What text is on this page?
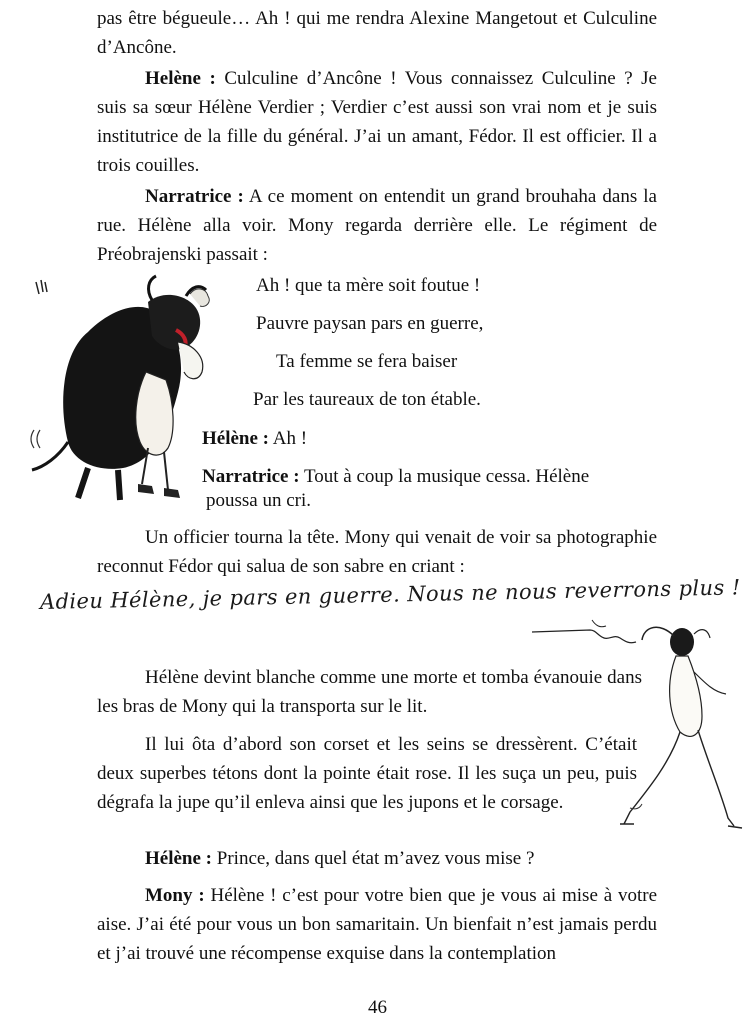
pas être bégueule… Ah ! qui me rendra Alexine Mangetout et Culculine d’Ancône.

Helène : Culculine d’Ancône ! Vous connaissez Culculine ? Je suis sa sœur Hélène Verdier ; Verdier c’est aussi son vrai nom et je suis institutrice de la fille du général. J’ai un amant, Fédor. Il est officier. Il a trois couilles.

Narratrice : A ce moment on entendit un grand brouhaha dans la rue. Hélène alla voir. Mony regarda derrière elle. Le régiment de Préobrajenski passait :

Ah ! que ta mère soit foutue !

Pauvre paysan pars en guerre,

Ta femme se fera baiser

Par les taureaux de ton étable.

Hélène : Ah !

Narratrice : Tout à coup la musique cessa. Hélène

poussa un cri.

Un officier tourna la tête. Mony qui venait de voir sa photographie reconnut Fédor qui salua de son sabre en criant :

Adieu Hélène, je pars en guerre. Nous ne nous reverrons plus !

Hélène devint blanche comme une morte et tomba évanouie dans les bras de Mony qui la transporta sur le lit.

Il lui ôta d’abord son corset et les seins se dressèrent. C’était deux superbes tétons dont la pointe était rose. Il les suça un peu, puis dégrafa la jupe qu’il enleva ainsi que les jupons et le corsage.

Hélène : Prince, dans quel état m’avez vous mise ?

Mony : Hélène ! c’est pour votre bien que je vous ai mise à votre aise. J’ai été pour vous un bon samaritain. Un bienfait n’est jamais perdu et j’ai trouvé une récompense exquise dans la contemplation

46
